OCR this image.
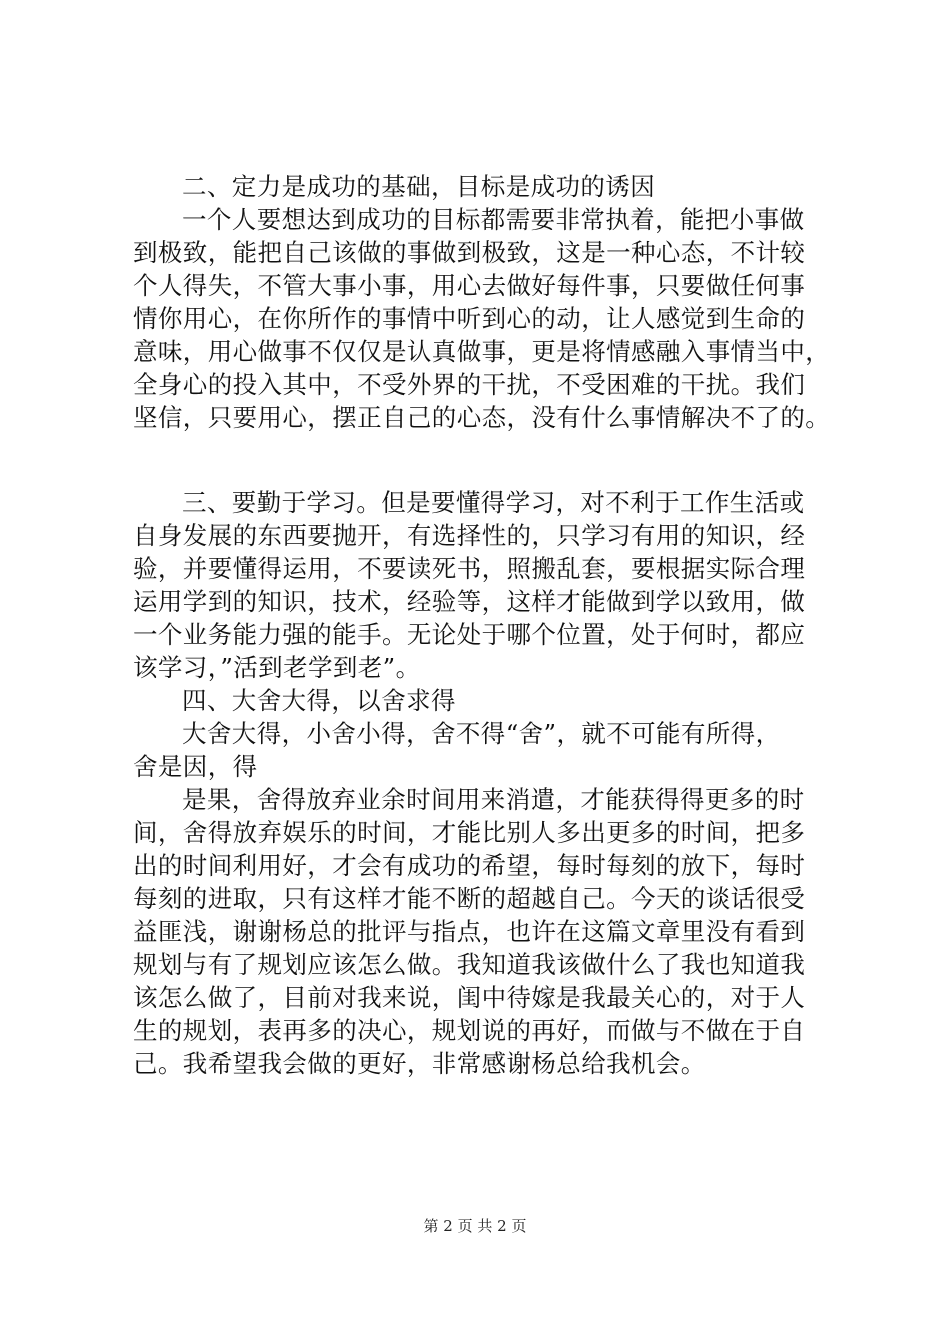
二、定力是成功的基础，目标是成功的诱因
一个人要想达到成功的目标都需要非常执着，能把小事做
到极致，能把自己该做的事做到极致，这是一种心态，不计较
个人得失，不管大事小事，用心去做好每件事，只要做任何事
情你用心，在你所作的事情中听到心的动，让人感觉到生命的
意味，用心做事不仅仅是认真做事，更是将情感融入事情当中，
全身心的投入其中，不受外界的干扰，不受困难的干扰。我们
坚信，只要用心，摆正自己的心态，没有什么事情解决不了的。
三、要勤于学习。但是要懂得学习，对不利于工作生活或
自身发展的东西要抛开，有选择性的，只学习有用的知识，经
验，并要懂得运用，不要读死书，照搬乱套，要根据实际合理
运用学到的知识，技术，经验等，这样才能做到学以致用，做
一个业务能力强的能手。无论处于哪个位置，处于何时，都应
该学习，”活到老学到老”。
四、大舍大得，以舍求得
大舍大得，小舍小得，舍不得“舍”，就不可能有所得，
舍是因，得
是果，舍得放弃业余时间用来消遣，才能获得得更多的时
间，舍得放弃娱乐的时间，才能比别人多出更多的时间，把多
出的时间利用好，才会有成功的希望，每时每刻的放下，每时
每刻的进取，只有这样才能不断的超越自己。今天的谈话很受
益匪浅，谢谢杨总的批评与指点，也许在这篇文章里没有看到
规划与有了规划应该怎么做。我知道我该做什么了我也知道我
该怎么做了，目前对我来说，闺中待嫁是我最关心的，对于人
生的规划，表再多的决心，规划说的再好，而做与不做在于自
己。我希望我会做的更好，非常感谢杨总给我机会。
第 2 页 共 2 页
